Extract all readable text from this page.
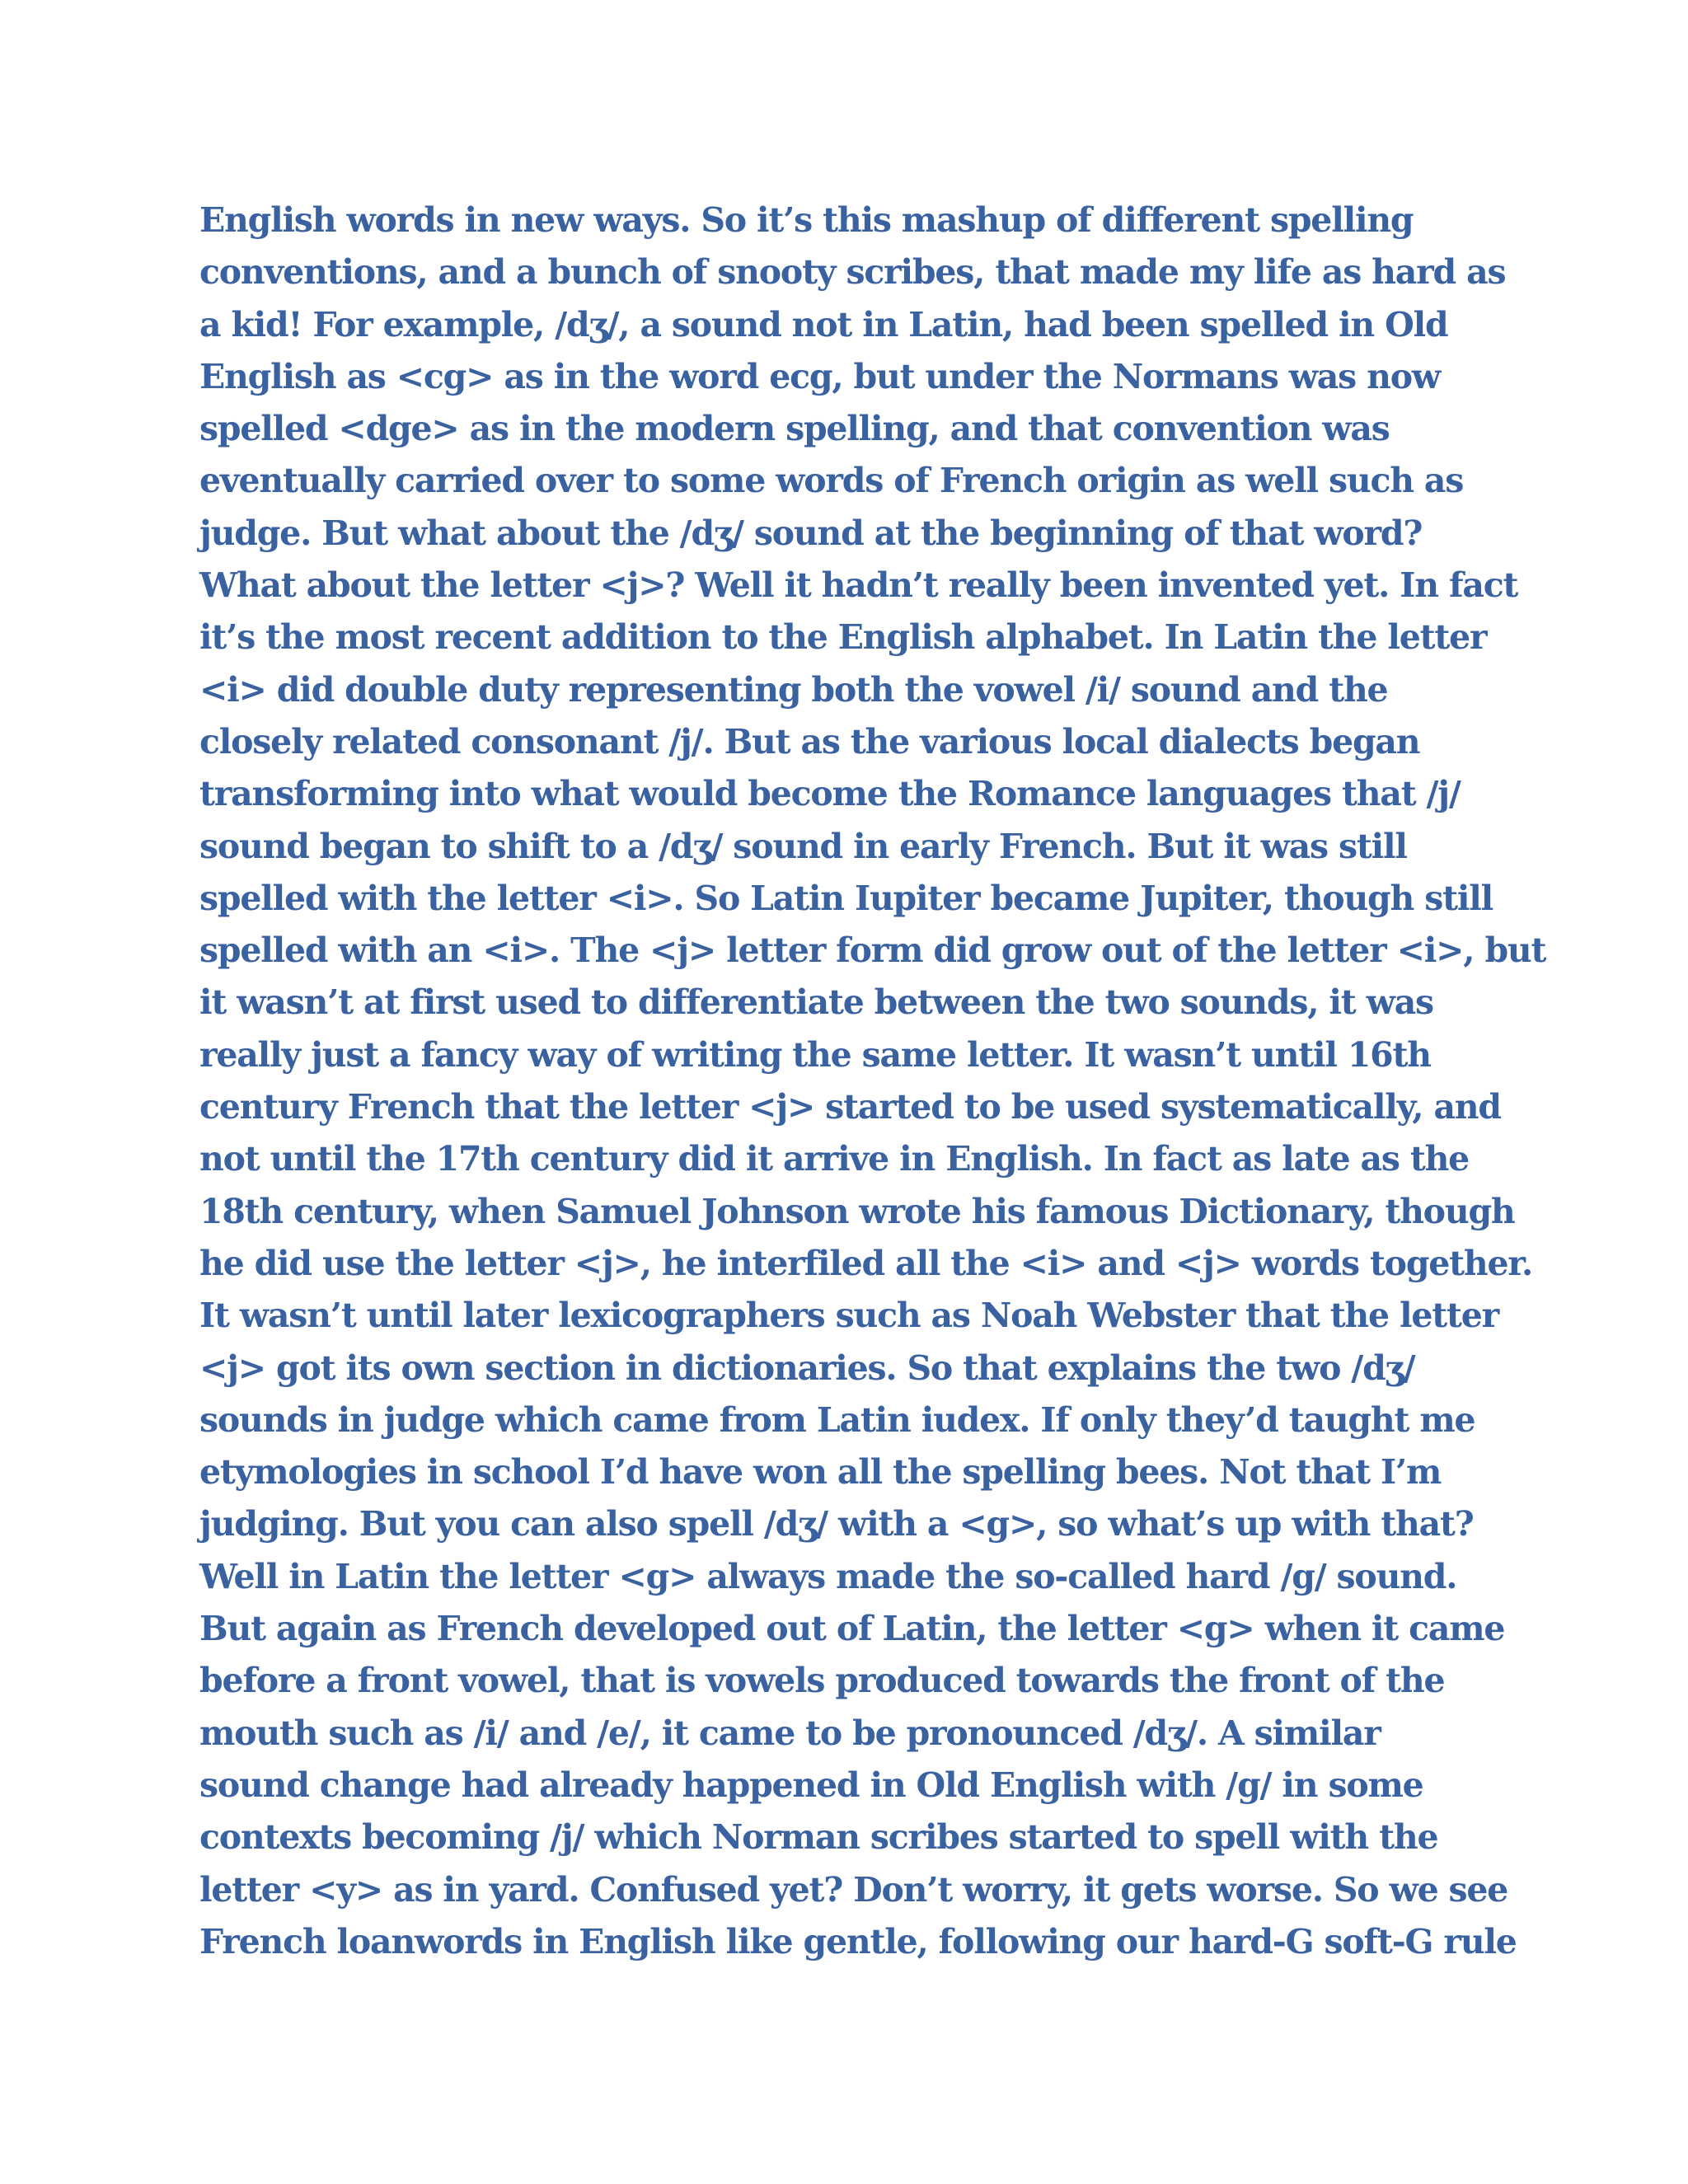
English words in new ways. So it’s this mashup of different spelling
conventions, and a bunch of snooty scribes, that made my life as hard as
a kid! For example, /dʒ/, a sound not in Latin, had been spelled in Old
English as <cg> as in the word ecg, but under the Normans was now
spelled <dge> as in the modern spelling, and that convention was
eventually carried over to some words of French origin as well such as
judge. But what about the /dʒ/ sound at the beginning of that word?
What about the letter <j>? Well it hadn’t really been invented yet. In fact
it’s the most recent addition to the English alphabet. In Latin the letter
<i> did double duty representing both the vowel /i/ sound and the
closely related consonant /j/. But as the various local dialects began
transforming into what would become the Romance languages that /j/
sound began to shift to a /dʒ/ sound in early French. But it was still
spelled with the letter <i>. So Latin Iupiter became Jupiter, though still
spelled with an <i>. The <j> letter form did grow out of the letter <i>, but
it wasn’t at first used to differentiate between the two sounds, it was
really just a fancy way of writing the same letter. It wasn’t until 16th
century French that the letter <j> started to be used systematically, and
not until the 17th century did it arrive in English. In fact as late as the
18th century, when Samuel Johnson wrote his famous Dictionary, though
he did use the letter <j>, he interfiled all the <i> and <j> words together.
It wasn’t until later lexicographers such as Noah Webster that the letter
<j> got its own section in dictionaries. So that explains the two /dʒ/
sounds in judge which came from Latin iudex. If only they’d taught me
etymologies in school I’d have won all the spelling bees. Not that I’m
judging. But you can also spell /dʒ/ with a <g>, so what’s up with that?
Well in Latin the letter <g> always made the so-called hard /g/ sound.
But again as French developed out of Latin, the letter <g> when it came
before a front vowel, that is vowels produced towards the front of the
mouth such as /i/ and /e/, it came to be pronounced /dʒ/. A similar
sound change had already happened in Old English with /g/ in some
contexts becoming /j/ which Norman scribes started to spell with the
letter <y> as in yard. Confused yet? Don’t worry, it gets worse. So we see
French loanwords in English like gentle, following our hard-G soft-G rule
